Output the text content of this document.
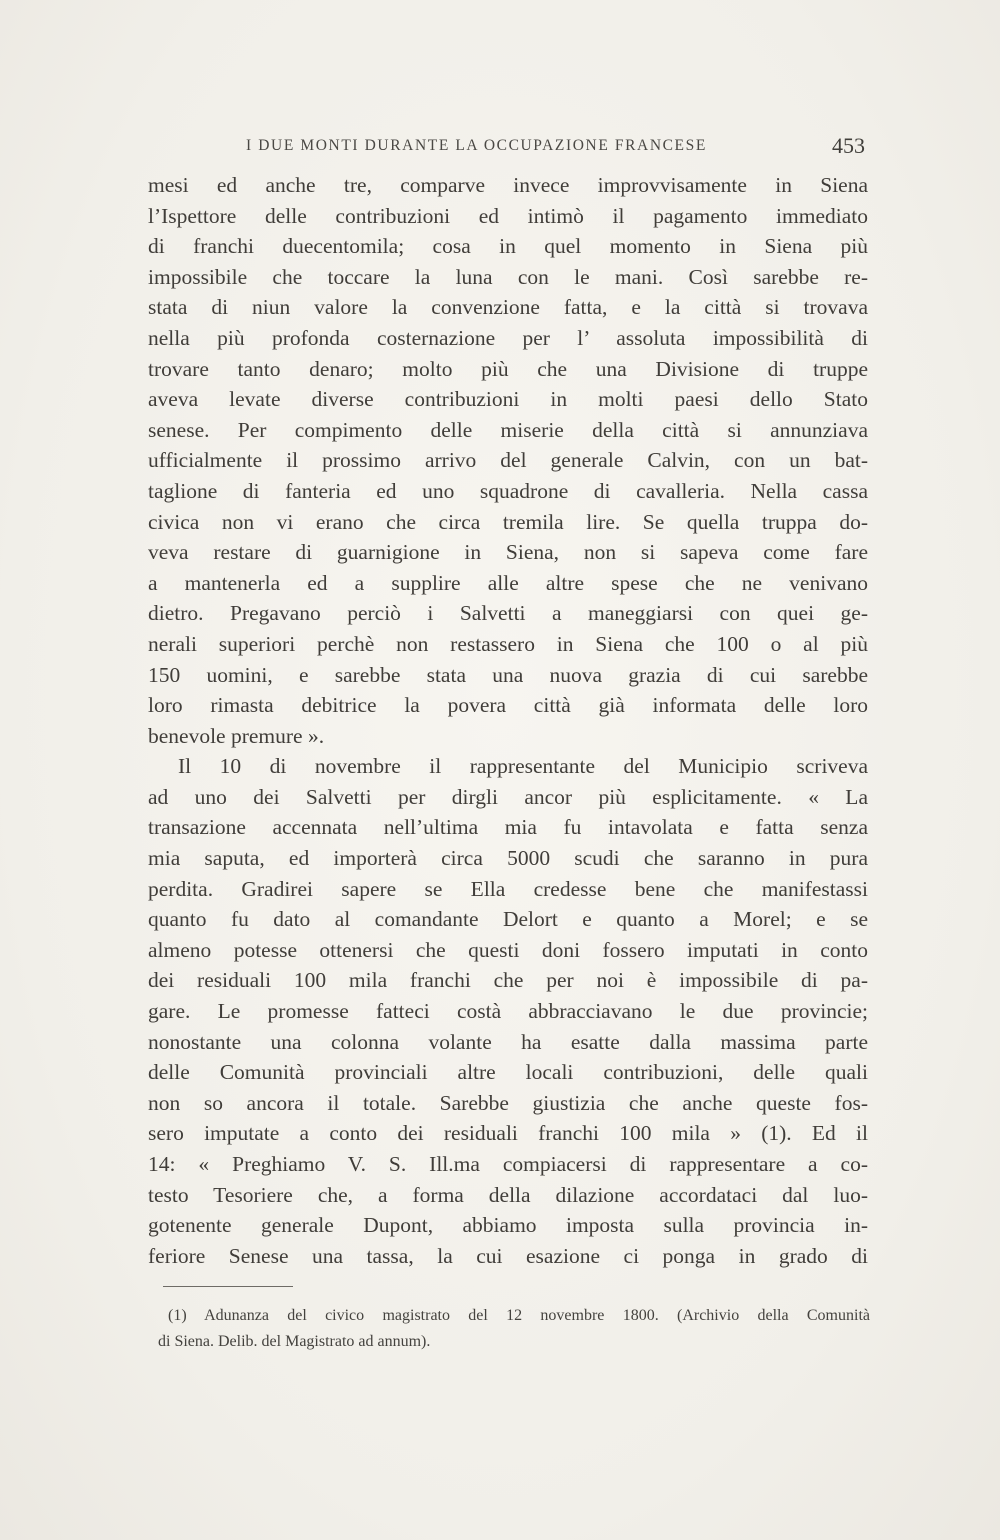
I DUE MONTI DURANTE LA OCCUPAZIONE FRANCESE	453
mesi ed anche tre, comparve invece improvvisamente in Siena
l’Ispettore delle contribuzioni ed intimò il pagamento immediato
di franchi duecentomila; cosa in quel momento in Siena più
impossibile che toccare la luna con le mani. Così sarebbe re-
stata di niun valore la convenzione fatta, e la città si trovava
nella più profonda costernazione per l’ assoluta impossibilità di
trovare tanto denaro; molto più che una Divisione di truppe
aveva levate diverse contribuzioni in molti paesi dello Stato
senese. Per compimento delle miserie della città si annunziava
ufficialmente il prossimo arrivo del generale Calvin, con un bat-
taglione di fanteria ed uno squadrone di cavalleria. Nella cassa
civica non vi erano che circa tremila lire. Se quella truppa do-
veva restare di guarnigione in Siena, non si sapeva come fare
a mantenerla ed a supplire alle altre spese che ne venivano
dietro. Pregavano perciò i Salvetti a maneggiarsi con quei ge-
nerali superiori perchè non restassero in Siena che 100 o al più
150 uomini, e sarebbe stata una nuova grazia di cui sarebbe
loro rimasta debitrice la povera città già informata delle loro
benevole premure ».
Il 10 di novembre il rappresentante del Municipio scriveva
ad uno dei Salvetti per dirgli ancor più esplicitamente. « La
transazione accennata nell’ultima mia fu intavolata e fatta senza
mia saputa, ed importerà circa 5000 scudi che saranno in pura
perdita. Gradirei sapere se Ella credesse bene che manifestassi
quanto fu dato al comandante Delort e quanto a Morel; e se
almeno potesse ottenersi che questi doni fossero imputati in conto
dei residuali 100 mila franchi che per noi è impossibile di pa-
gare. Le promesse fatteci costà abbracciavano le due provincie;
nonostante una colonna volante ha esatte dalla massima parte
delle Comunità provinciali altre locali contribuzioni, delle quali
non so ancora il totale. Sarebbe giustizia che anche queste fos-
sero imputate a conto dei residuali franchi 100 mila » (1). Ed il
14: « Preghiamo V. S. Ill.ma compiacersi di rappresentare a co-
testo Tesoriere che, a forma della dilazione accordataci dal luo-
gotenente generale Dupont, abbiamo imposta sulla provincia in-
feriore Senese una tassa, la cui esazione ci ponga in grado di
(1) Adunanza del civico magistrato del 12 novembre 1800. (Archivio della Comunità
di Siena. Delib. del Magistrato ad annum).
